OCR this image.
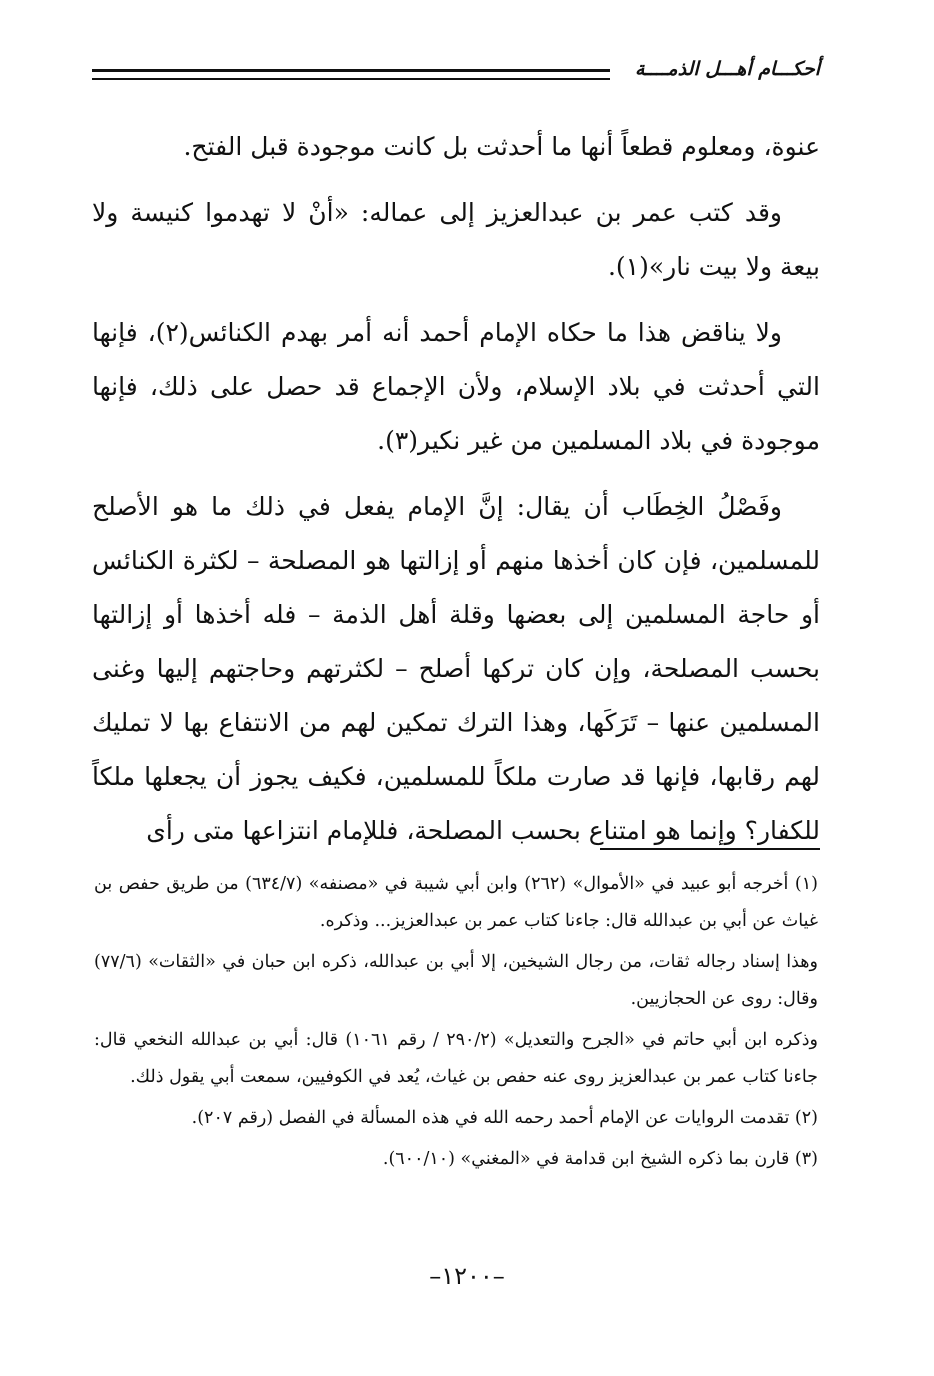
أحكـــام أهـــل الذمــــة

عنوة، ومعلوم قطعاً أنها ما أحدثت بل كانت موجودة قبل الفتح.

وقد كتب عمر بن عبدالعزيز إلى عماله: «أنْ لا تهدموا كنيسة ولا بيعة ولا بيت نار»(١).

ولا يناقض هذا ما حكاه الإمام أحمد أنه أمر بهدم الكنائس(٢)، فإنها التي أحدثت في بلاد الإسلام، ولأن الإجماع قد حصل على ذلك، فإنها موجودة في بلاد المسلمين من غير نكير(٣).

وفَصْلُ الخِطَاب أن يقال: إنَّ الإمام يفعل في ذلك ما هو الأصلح للمسلمين، فإن كان أخذها منهم أو إزالتها هو المصلحة – لكثرة الكنائس أو حاجة المسلمين إلى بعضها وقلة أهل الذمة – فله أخذها أو إزالتها بحسب المصلحة، وإن كان تركها أصلح – لكثرتهم وحاجتهم إليها وغنى المسلمين عنها – تَرَكَها، وهذا الترك تمكين لهم من الانتفاع بها لا تمليك لهم رقابها، فإنها قد صارت ملكاً للمسلمين، فكيف يجوز أن يجعلها ملكاً للكفار؟ وإنما هو امتناع بحسب المصلحة، فللإمام انتزاعها متى رأى

(١) أخرجه أبو عبيد في «الأموال» (٢٦٢) وابن أبي شيبة في «مصنفه» (٦٣٤/٧) من طريق حفص بن غياث عن أبي بن عبدالله قال: جاءنا كتاب عمر بن عبدالعزيز... وذكره.

وهذا إسناد رجاله ثقات، من رجال الشيخين، إلا أبي بن عبدالله، ذكره ابن حبان في «الثقات» (٧٧/٦) وقال: روى عن الحجازيين.

وذكره ابن أبي حاتم في «الجرح والتعديل» (٢٩٠/٢ / رقم ١٠٦١) قال: أبي بن عبدالله النخعي قال: جاءنا كتاب عمر بن عبدالعزيز روى عنه حفص بن غياث، يُعد في الكوفيين، سمعت أبي يقول ذلك.

(٢) تقدمت الروايات عن الإمام أحمد رحمه الله في هذه المسألة في الفصل (رقم ٢٠٧).

(٣) قارن بما ذكره الشيخ ابن قدامة في «المغني» (٦٠٠/١٠).

–١٢٠٠–
